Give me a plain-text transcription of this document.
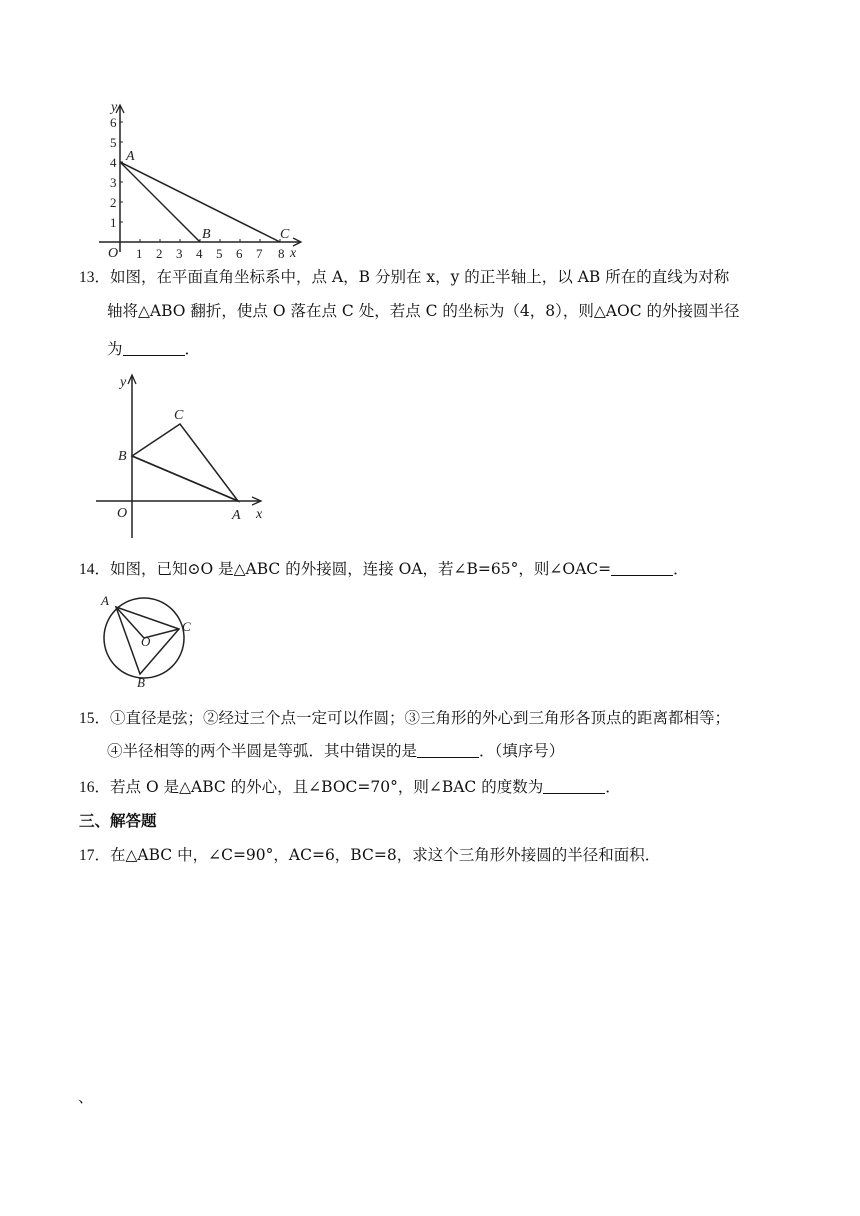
1 2 3 4 5 6 7 8
1
2
3
4
5
6
O	x
y
A
B	C
13．如图，在平面直角坐标系中，点 A，B 分别在 x，y 的正半轴上，以 AB 所在的直线为对称
轴将△ABO 翻折，使点 O 落在点 C 处，若点 C 的坐标为（4，8），则△AOC 的外接圆半径
为	．
O	x
y
B
C
A
14．如图，已知⊙O 是△ABC 的外接圆，连接 OA，若∠B=65°，则∠OAC=	．
A
C
B
O
15．①直径是弦；②经过三个点一定可以作圆；③三角形的外心到三角形各顶点的距离都相等；
④半径相等的两个半圆是等弧．其中错误的是	．（填序号）
16．若点 O 是△ABC 的外心，且∠BOC=70°，则∠BAC 的度数为	．
三、解答题
17．在△ABC 中，∠C=90°，AC=6，BC=8，求这个三角形外接圆的半径和面积．
、
